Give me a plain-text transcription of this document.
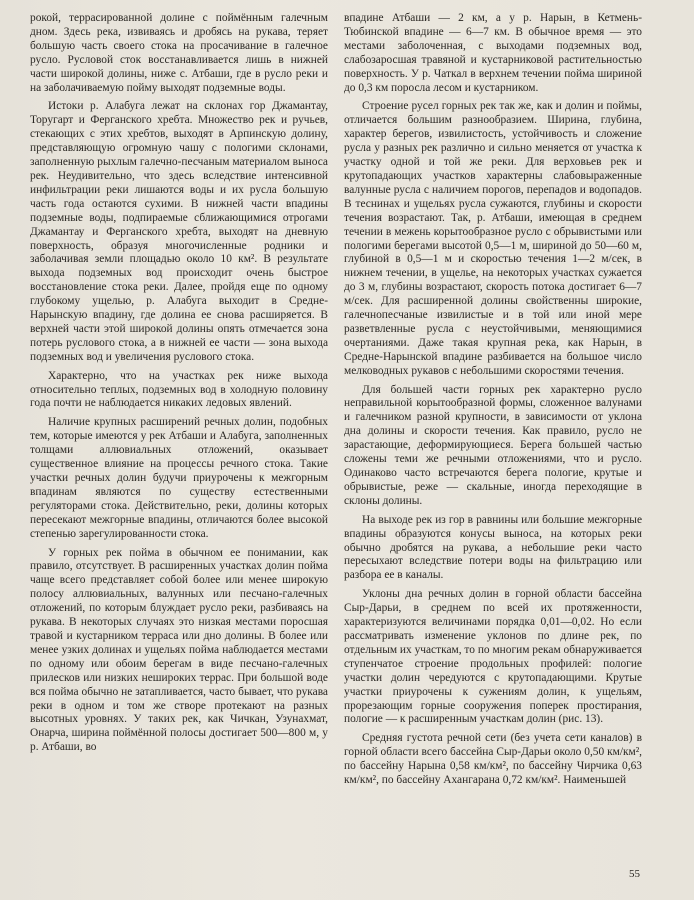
рокой, террасированной долине с поймённым галечным дном. Здесь река, извиваясь и дробясь на рукава, теряет большую часть своего стока на просачивание в галечное русло. Русловой сток восстанавливается лишь в нижней части широкой долины, ниже с. Атбаши, где в русло реки и на заболачиваемую пойму выходят подземные воды.

Истоки р. Алабуга лежат на склонах гор Джамантау, Торугарт и Ферганского хребта. Множество рек и ручьев, стекающих с этих хребтов, выходят в Арпинскую долину, представляющую огромную чашу с пологими склонами, заполненную рыхлым галечно-песчаным материалом выноса рек. Неудивительно, что здесь вследствие интенсивной инфильтрации реки лишаются воды и их русла большую часть года остаются сухими. В нижней части впадины подземные воды, подпираемые сближающимися отрогами Джамантау и Ферганского хребта, выходят на дневную поверхность, образуя многочисленные родники и заболачивая земли площадью около 10 км². В результате выхода подземных вод происходит очень быстрое восстановление стока реки. Далее, пройдя еще по одному глубокому ущелью, р. Алабуга выходит в Средне-Нарынскую впадину, где долина ее снова расширяется. В верхней части этой широкой долины опять отмечается зона потерь руслового стока, а в нижней ее части — зона выхода подземных вод и увеличения руслового стока.

Характерно, что на участках рек ниже выхода относительно теплых, подземных вод в холодную половину года почти не наблюдается никаких ледовых явлений.

Наличие крупных расширений речных долин, подобных тем, которые имеются у рек Атбаши и Алабуга, заполненных толщами аллювиальных отложений, оказывает существенное влияние на процессы речного стока. Такие участки речных долин будучи приурочены к межгорным впадинам являются по существу естественными регуляторами стока. Действительно, реки, долины которых пересекают межгорные впадины, отличаются более высокой степенью зарегулированности стока.

У горных рек пойма в обычном ее понимании, как правило, отсутствует. В расширенных участках долин пойма чаще всего представляет собой более или менее широкую полосу аллювиальных, валунных или песчано-галечных отложений, по которым блуждает русло реки, разбиваясь на рукава. В некоторых случаях это низкая местами поросшая травой и кустарником терраса или дно долины. В более или менее узких долинах и ущельях поймa наблюдается местами по одному или обоим берегам в виде песчано-галечных прилесков или низких нешироких террас. При большой воде вся пойма обычно не затапливается, часто бывает, что рукава реки в одном и том же створе протекают на разных высотных уровнях. У таких рек, как Чичкан, Узунахмат, Онарча, ширина поймённой полосы достигает 500—800 м, у р. Атбаши, во

впадине Атбаши — 2 км, а у р. Нарын, в Кетмень-Тюбинской впадине — 6—7 км. В обычное время — это местами заболоченная, с выходами подземных вод, слабозаросшая травяной и кустарниковой растительностью поверхность. У р. Чаткал в верхнем течении пойма шириной до 0,3 км поросла лесом и кустарником.

Строение русел горных рек так же, как и долин и поймы, отличается большим разнообразием. Ширина, глубина, характер берегов, извилистость, устойчивость и сложение русла у разных рек различно и сильно меняется от участка к участку одной и той же реки. Для верховьев рек и крутопадающих участков характерны слабовыраженные валунные русла с наличием порогов, перепадов и водопадов. В теснинах и ущельях русла сужаются, глубины и скорости течения возрастают. Так, р. Атбаши, имеющая в среднем течении в межень корытообразное русло с обрывистыми или пологими берегами высотой 0,5—1 м, шириной до 50—60 м, глубиной в 0,5—1 м и скоростью течения 1—2 м/сек, в нижнем течении, в ущелье, на некоторых участках сужается до 3 м, глубины возрастают, скорость потока достигает 6—7 м/сек. Для расширенной долины свойственны широкие, галечнопесчаные извилистые и в той или иной мере разветвленные русла с неустойчивыми, меняющимися очертаниями. Даже такая крупная река, как Нарын, в Средне-Нарынской впадине разбивается на большое число мелководных рукавов с небольшими скоростями течения.

Для большей части горных рек характерно русло неправильной корытообразной формы, сложенное валунами и галечником разной крупности, в зависимости от уклона дна долины и скорости течения. Как правило, русло не зарастающие, деформирующиеся. Берега большей частью сложены теми же речными отложениями, что и русло. Одинаково часто встречаются берега пологие, крутые и обрывистые, реже — скальные, иногда переходящие в склоны долины.

На выходе рек из гор в равнины или большие межгорные впадины образуются конусы выноса, на которых реки обычно дробятся на рукава, а небольшие реки часто пересыхают вследствие потери воды на фильтрацию или разбора ее в каналы.

Уклоны дна речных долин в горной области бассейна Сыр-Дарьи, в среднем по всей их протяженности, характеризуются величинами порядка 0,01—0,02. Но если рассматривать изменение уклонов по длине рек, по отдельным их участкам, то по многим рекам обнаруживается ступенчатое строение продольных профилей: пологие участки долин чередуются с крутопадающими. Крутые участки приурочены к сужениям долин, к ущельям, прорезающим горные сооружения поперек простирания, пологие — к расширенным участкам долин (рис. 13).

Средняя густота речной сети (без учета сети каналов) в горной области всего бассейна Сыр-Дарьи около 0,50 км/км², по бассейну Нарына 0,58 км/км², по бассейну Чирчика 0,63 км/км², по бассейну Ахангарана 0,72 км/км². Наименьшей

55
